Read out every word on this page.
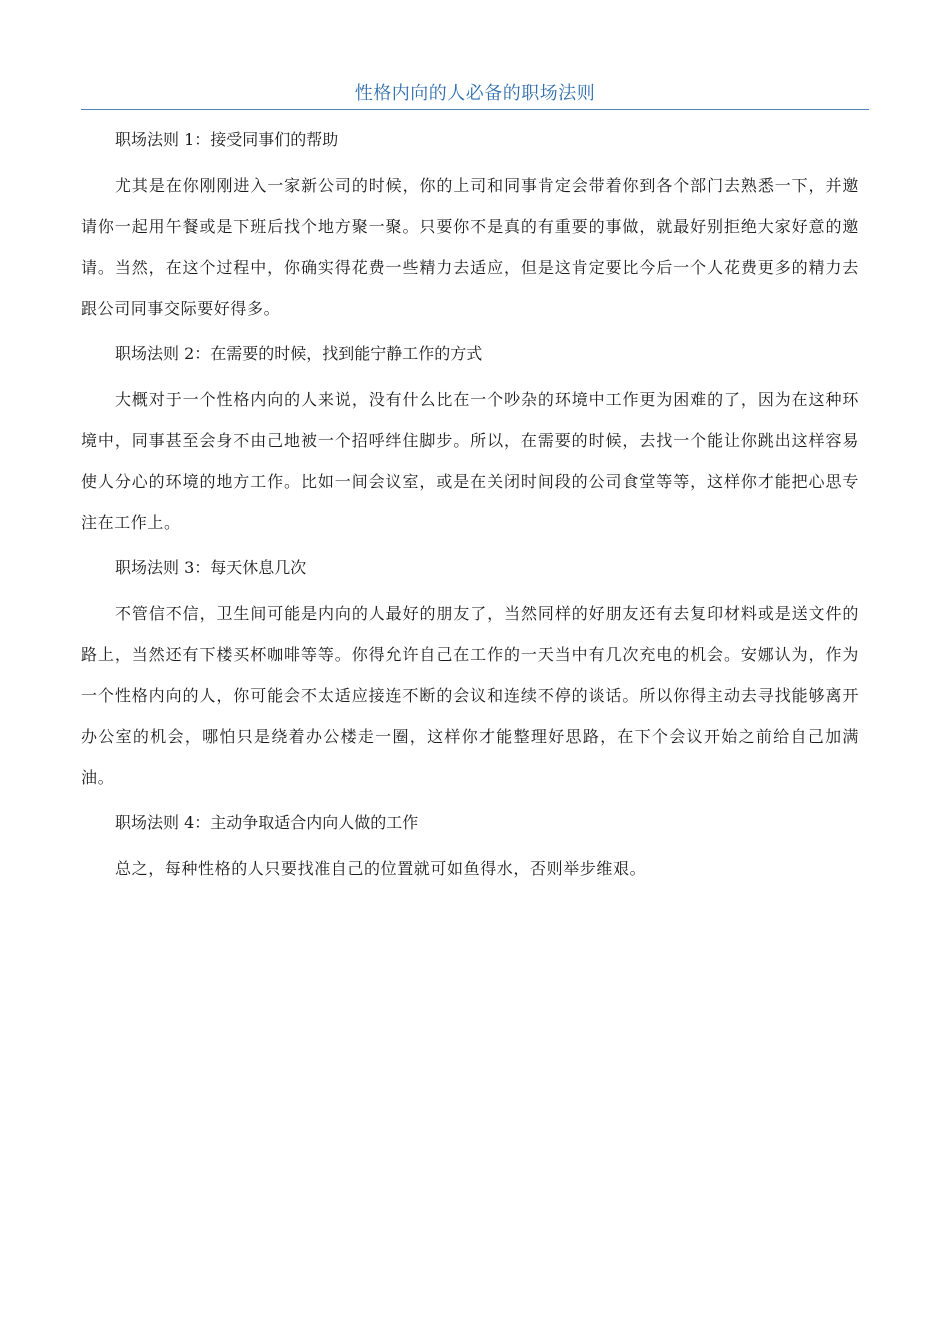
性格内向的人必备的职场法则

职场法则 1：接受同事们的帮助

尤其是在你刚刚进入一家新公司的时候，你的上司和同事肯定会带着你到各个部门去熟悉一下，并邀请你一起用午餐或是下班后找个地方聚一聚。只要你不是真的有重要的事做，就最好别拒绝大家好意的邀请。当然，在这个过程中，你确实得花费一些精力去适应，但是这肯定要比今后一个人花费更多的精力去跟公司同事交际要好得多。

职场法则 2：在需要的时候，找到能宁静工作的方式

大概对于一个性格内向的人来说，没有什么比在一个吵杂的环境中工作更为困难的了，因为在这种环境中，同事甚至会身不由己地被一个招呼绊住脚步。所以，在需要的时候，去找一个能让你跳出这样容易使人分心的环境的地方工作。比如一间会议室，或是在关闭时间段的公司食堂等等，这样你才能把心思专注在工作上。

职场法则 3：每天休息几次

不管信不信，卫生间可能是内向的人最好的朋友了，当然同样的好朋友还有去复印材料或是送文件的路上，当然还有下楼买杯咖啡等等。你得允许自己在工作的一天当中有几次充电的机会。安娜认为，作为一个性格内向的人，你可能会不太适应接连不断的会议和连续不停的谈话。所以你得主动去寻找能够离开办公室的机会，哪怕只是绕着办公楼走一圈，这样你才能整理好思路，在下个会议开始之前给自己加满油。

职场法则 4：主动争取适合内向人做的工作

总之，每种性格的人只要找准自己的位置就可如鱼得水，否则举步维艰。
